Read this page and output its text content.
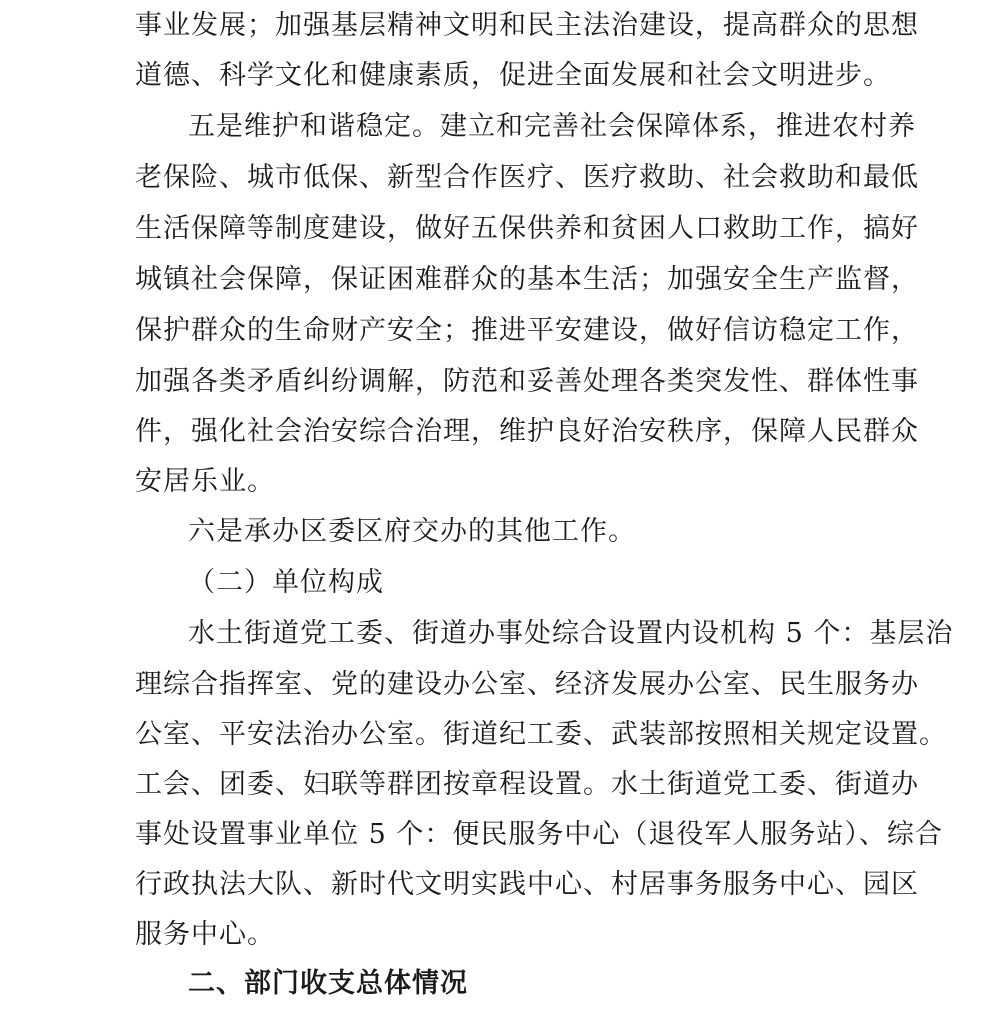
事业发展；加强基层精神文明和民主法治建设，提高群众的思想
道德、科学文化和健康素质，促进全面发展和社会文明进步。
五是维护和谐稳定。建立和完善社会保障体系，推进农村养
老保险、城市低保、新型合作医疗、医疗救助、社会救助和最低
生活保障等制度建设，做好五保供养和贫困人口救助工作，搞好
城镇社会保障，保证困难群众的基本生活；加强安全生产监督，
保护群众的生命财产安全；推进平安建设，做好信访稳定工作，
加强各类矛盾纠纷调解，防范和妥善处理各类突发性、群体性事
件，强化社会治安综合治理，维护良好治安秩序，保障人民群众
安居乐业。
六是承办区委区府交办的其他工作。
（二）单位构成
水土街道党工委、街道办事处综合设置内设机构 5 个：基层治
理综合指挥室、党的建设办公室、经济发展办公室、民生服务办
公室、平安法治办公室。街道纪工委、武装部按照相关规定设置。
工会、团委、妇联等群团按章程设置。水土街道党工委、街道办
事处设置事业单位 5 个：便民服务中心（退役军人服务站）、综合
行政执法大队、新时代文明实践中心、村居事务服务中心、园区
服务中心。
二、部门收支总体情况
